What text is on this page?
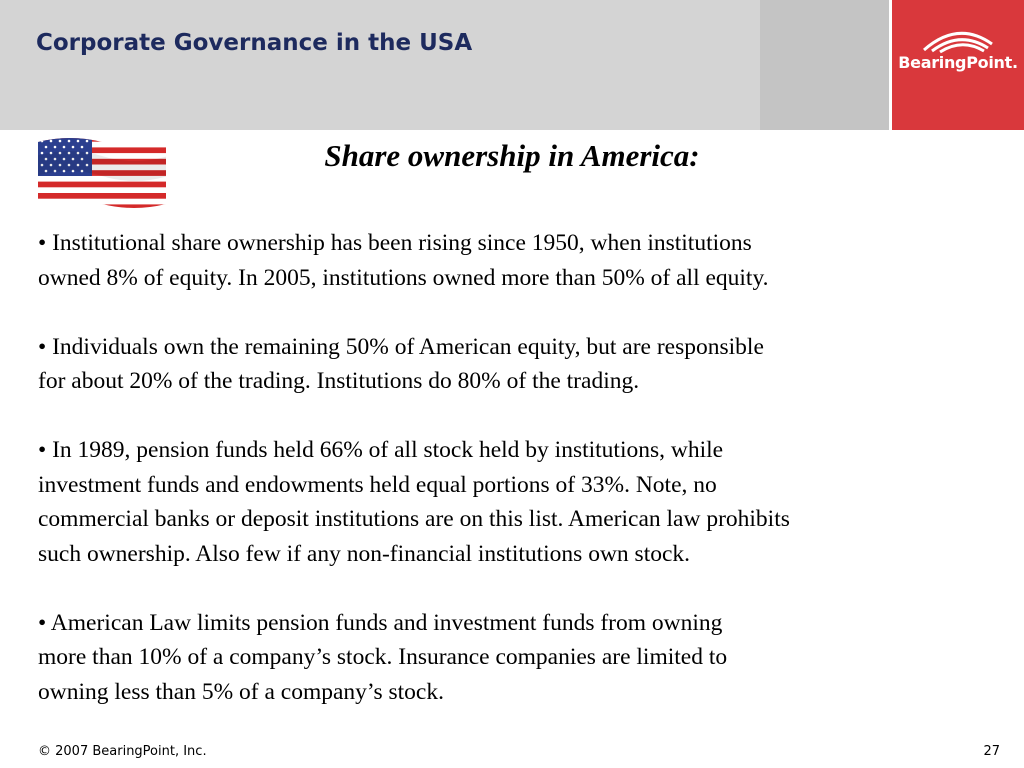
BearingPoint.
Corporate Governance in the USA
Share ownership in America:
• Institutional share ownership has been rising since 1950, when institutions
owned 8% of equity. In 2005, institutions owned more than 50% of all equity.
• Individuals own the remaining 50% of American equity, but are responsible
for about 20% of the trading. Institutions do 80% of the trading.
• In 1989, pension funds held 66% of all stock held by institutions, while
investment funds and endowments held equal portions of 33%. Note, no
commercial banks or deposit institutions are on this list. American law prohibits
such ownership. Also few if any non-financial institutions own stock.
• American Law limits pension funds and investment funds from owning
more than 10% of a company’s stock. Insurance companies are limited to
owning less than 5% of a company’s stock.
© 2007 BearingPoint, Inc.	27
